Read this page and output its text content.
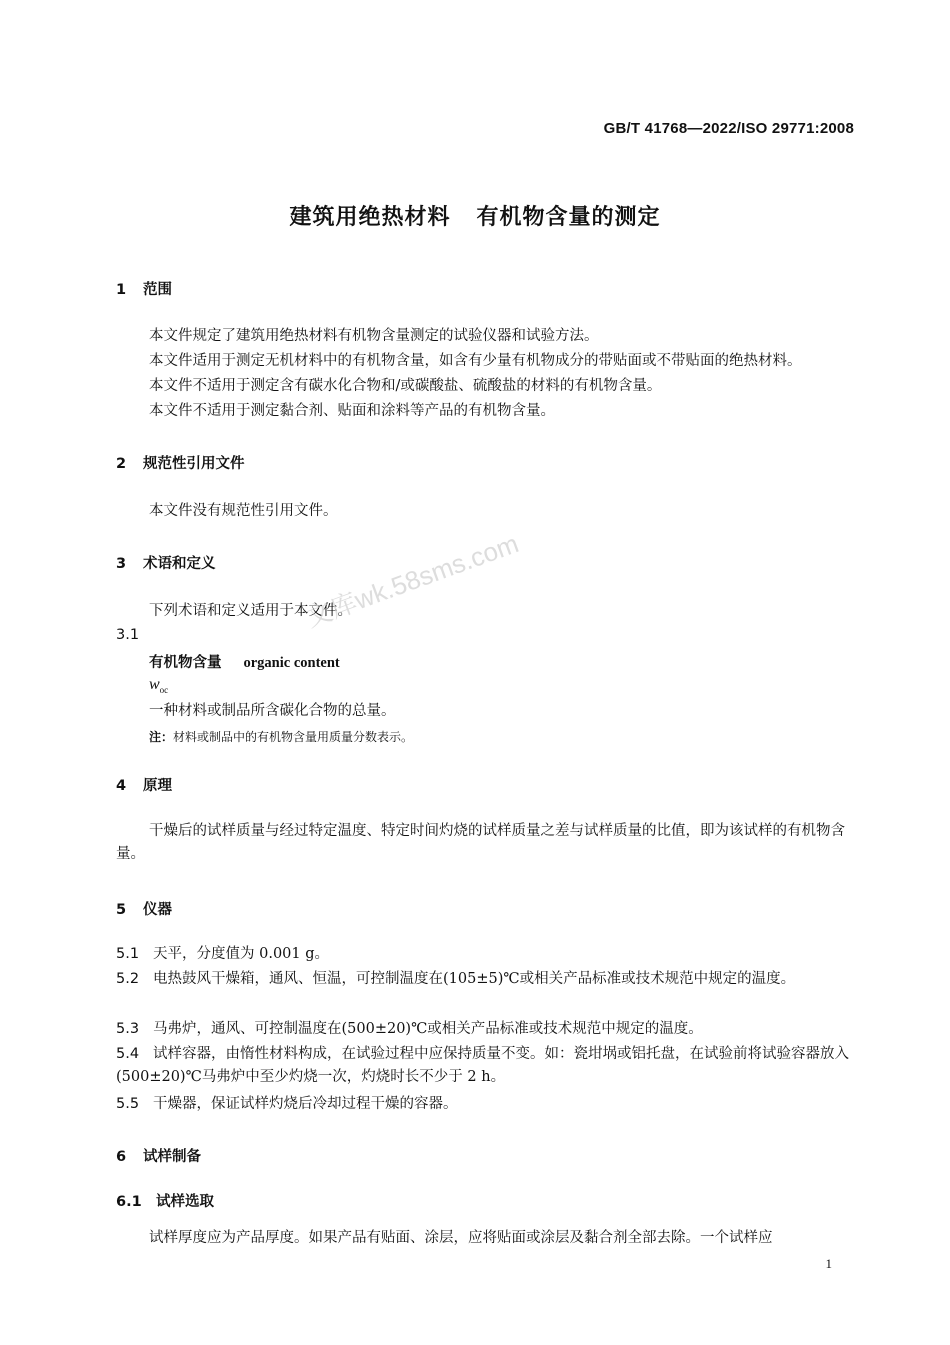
GB/T 41768—2022/ISO 29771:2008
建筑用绝热材料 有机物含量的测定
1 范围
本文件规定了建筑用绝热材料有机物含量测定的试验仪器和试验方法。
本文件适用于测定无机材料中的有机物含量，如含有少量有机物成分的带贴面或不带贴面的绝热材料。
本文件不适用于测定含有碳水化合物和/或碳酸盐、硫酸盐的材料的有机物含量。
本文件不适用于测定黏合剂、贴面和涂料等产品的有机物含量。
2 规范性引用文件
本文件没有规范性引用文件。
3 术语和定义
下列术语和定义适用于本文件。
3.1
有机物含量 organic content
$w_{oc}$
一种材料或制品所含碳化合物的总量。
注：材料或制品中的有机物含量用质量分数表示。
文库wk.58sms.com
4 原理
干燥后的试样质量与经过特定温度、特定时间灼烧的试样质量之差与试样质量的比值，即为该试样的有机物含量。
5 仪器
5.1 天平，分度值为 0.001 g。
5.2 电热鼓风干燥箱，通风、恒温，可控制温度在(105±5)℃或相关产品标准或技术规范中规定的温度。
5.3 马弗炉，通风、可控制温度在(500±20)℃或相关产品标准或技术规范中规定的温度。
5.4 试样容器，由惰性材料构成，在试验过程中应保持质量不变。如：瓷坩埚或铝托盘，在试验前将试验容器放入(500±20)℃马弗炉中至少灼烧一次，灼烧时长不少于 2 h。
5.5 干燥器，保证试样灼烧后冷却过程干燥的容器。
6 试样制备
6.1 试样选取
试样厚度应为产品厚度。如果产品有贴面、涂层，应将贴面或涂层及黏合剂全部去除。一个试样应
1
